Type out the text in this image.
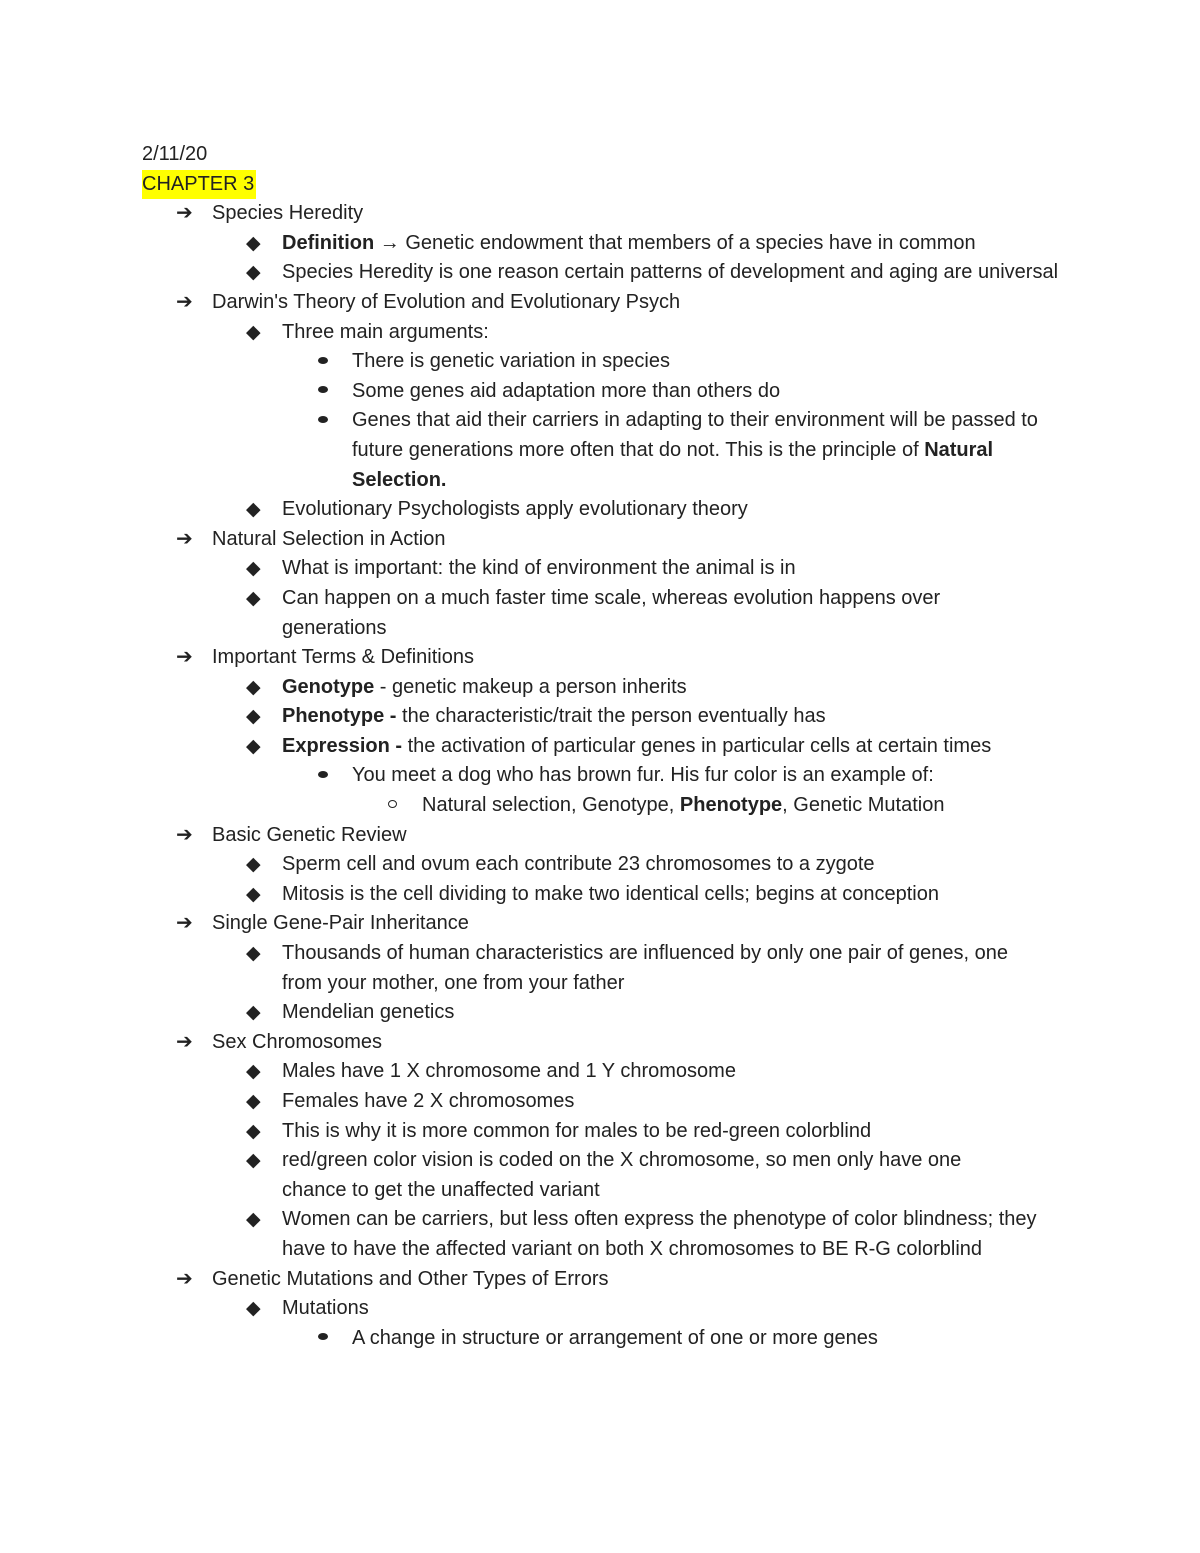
2/11/20
CHAPTER 3
➔ Species Heredity
◆	Definition → Genetic endowment that members of a species have in common
◆	Species Heredity is one reason certain patterns of development and aging are universal
➔ Darwin's Theory of Evolution and Evolutionary Psych
◆	Three main arguments:
There is genetic variation in species
Some genes aid adaptation more than others do
Genes that aid their carriers in adapting to their environment will be passed to future generations more often that do not. This is the principle of Natural Selection.
◆	Evolutionary Psychologists apply evolutionary theory
➔ Natural Selection in Action
◆	What is important: the kind of environment the animal is in
◆	Can happen on a much faster time scale, whereas evolution happens over generations
➔ Important Terms & Definitions
◆	Genotype - genetic makeup a person inherits
◆	Phenotype - the characteristic/trait the person eventually has
◆	Expression - the activation of particular genes in particular cells at certain times
You meet a dog who has brown fur. His fur color is an example of:
Natural selection, Genotype, Phenotype, Genetic Mutation
➔ Basic Genetic Review
◆	Sperm cell and ovum each contribute 23 chromosomes to a zygote
◆	Mitosis is the cell dividing to make two identical cells; begins at conception
➔ Single Gene-Pair Inheritance
◆	Thousands of human characteristics are influenced by only one pair of genes, one from your mother, one from your father
◆	Mendelian genetics
➔ Sex Chromosomes
◆	Males have 1 X chromosome and 1 Y chromosome
◆	Females have 2 X chromosomes
◆	This is why it is more common for males to be red-green colorblind
◆	red/green color vision is coded on the X chromosome, so men only have one chance to get the unaffected variant
◆	Women can be carriers, but less often express the phenotype of color blindness; they have to have the affected variant on both X chromosomes to BE R-G colorblind
➔ Genetic Mutations and Other Types of Errors
◆	Mutations
A change in structure or arrangement of one or more genes
